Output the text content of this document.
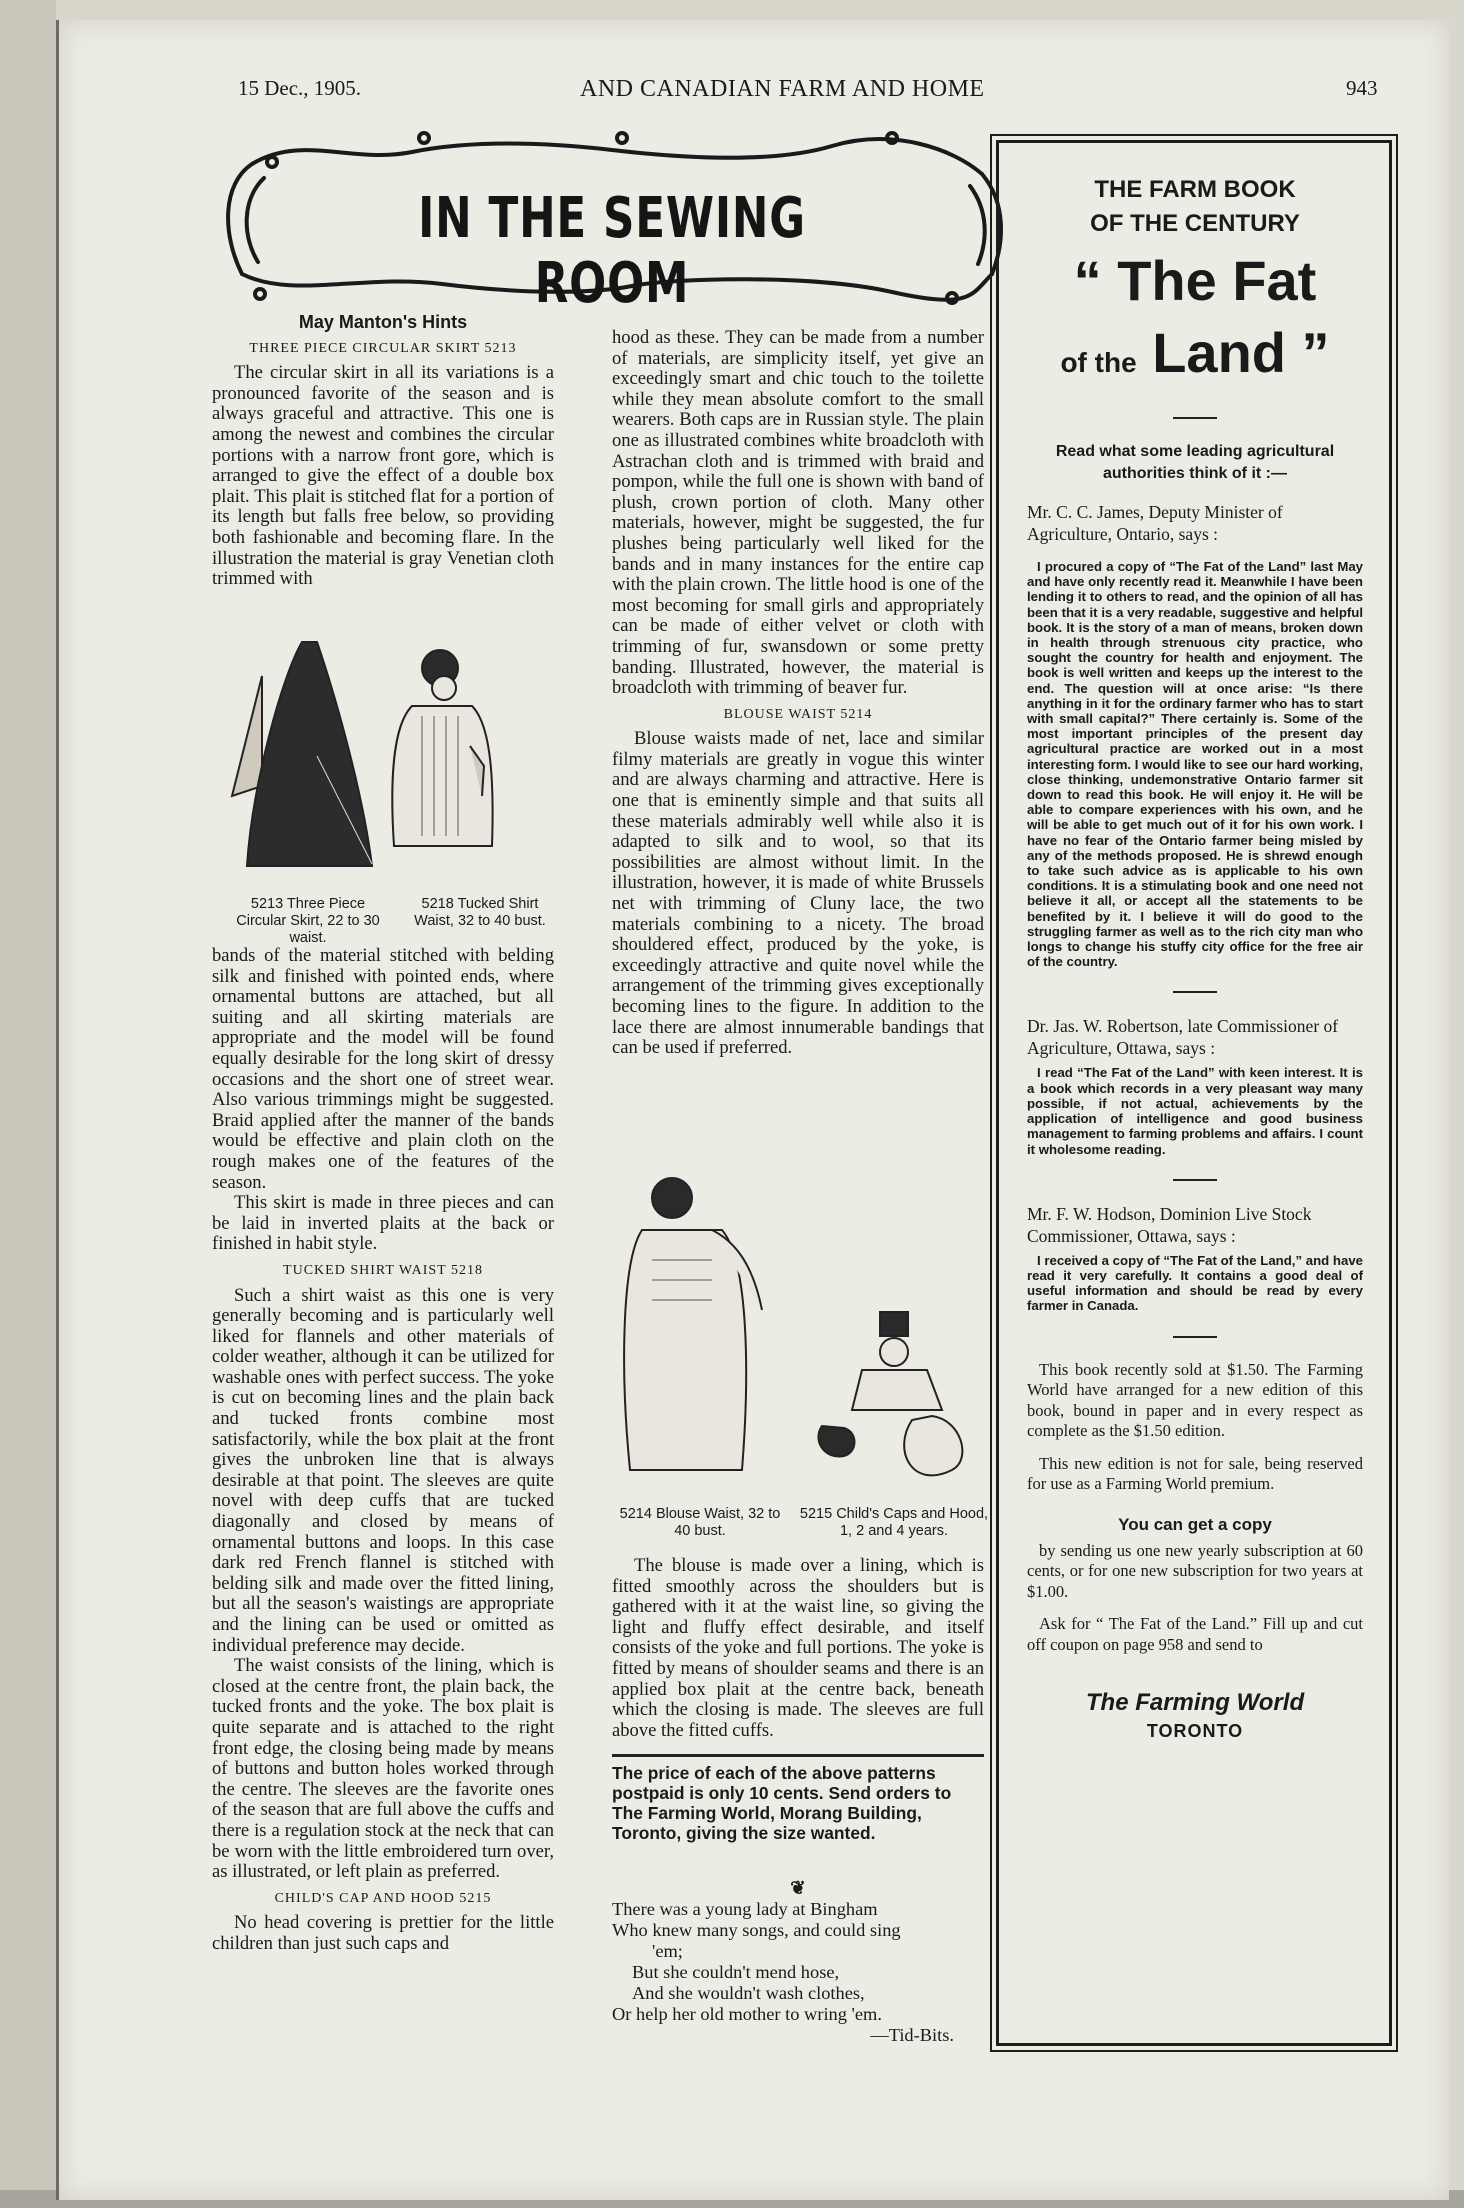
15 Dec., 1905.	AND CANADIAN FARM AND HOME	943
IN THE SEWING ROOM
May Manton's Hints
THREE PIECE CIRCULAR SKIRT 5213

The circular skirt in all its variations is a pronounced favorite of the season and is always graceful and attractive. This one is among the newest and combines the circular portions with a narrow front gore, which is arranged to give the effect of a double box plait. This plait is stitched flat for a portion of its length but falls free below, so providing both fashionable and becoming flare. In the illustration the material is gray Venetian cloth trimmed with

5213 Three Piece Circular Skirt, 22 to 30 waist.
5218 Tucked Shirt Waist, 32 to 40 bust.

bands of the material stitched with belding silk and finished with pointed ends, where ornamental buttons are attached, but all suiting and all skirting materials are appropriate and the model will be found equally desirable for the long skirt of dressy occasions and the short one of street wear. Also various trimmings might be suggested. Braid applied after the manner of the bands would be effective and plain cloth on the rough makes one of the features of the season.

This skirt is made in three pieces and can be laid in inverted plaits at the back or finished in habit style.

TUCKED SHIRT WAIST 5218

Such a shirt waist as this one is very generally becoming and is particularly well liked for flannels and other materials of colder weather, although it can be utilized for washable ones with perfect success. The yoke is cut on becoming lines and the plain back and tucked fronts combine most satisfactorily, while the box plait at the front gives the unbroken line that is always desirable at that point. The sleeves are quite novel with deep cuffs that are tucked diagonally and closed by means of ornamental buttons and loops. In this case dark red French flannel is stitched with belding silk and made over the fitted lining, but all the season's waistings are appropriate and the lining can be used or omitted as individual preference may decide.

The waist consists of the lining, which is closed at the centre front, the plain back, the tucked fronts and the yoke. The box plait is quite separate and is attached to the right front edge, the closing being made by means of buttons and button holes worked through the centre. The sleeves are the favorite ones of the season that are full above the cuffs and there is a regulation stock at the neck that can be worn with the little embroidered turn over, as illustrated, or left plain as preferred.

CHILD'S CAP AND HOOD 5215

No head covering is prettier for the little children than just such caps and

hood as these. They can be made from a number of materials, are simplicity itself, yet give an exceedingly smart and chic touch to the toilette while they mean absolute comfort to the small wearers. Both caps are in Russian style. The plain one as illustrated combines white broadcloth with Astrachan cloth and is trimmed with braid and pompon, while the full one is shown with band of plush, crown portion of cloth. Many other materials, however, might be suggested, the fur plushes being particularly well liked for the bands and in many instances for the entire cap with the plain crown. The little hood is one of the most becoming for small girls and appropriately can be made of either velvet or cloth with trimming of fur, swansdown or some pretty banding. Illustrated, however, the material is broadcloth with trimming of beaver fur.

BLOUSE WAIST 5214

Blouse waists made of net, lace and similar filmy materials are greatly in vogue this winter and are always charming and attractive. Here is one that is eminently simple and that suits all these materials admirably well while also it is adapted to silk and to wool, so that its possibilities are almost without limit. In the illustration, however, it is made of white Brussels net with trimming of Cluny lace, the two materials combining to a nicety. The broad shouldered effect, produced by the yoke, is exceedingly attractive and quite novel while the arrangement of the trimming gives exceptionally becoming lines to the figure. In addition to the lace there are almost innumerable bandings that can be used if preferred.

5214 Blouse Waist, 32 to 40 bust.
5215 Child's Caps and Hood, 1, 2 and 4 years.

The blouse is made over a lining, which is fitted smoothly across the shoulders but is gathered with it at the waist line, so giving the light and fluffy effect desirable, and itself consists of the yoke and full portions. The yoke is fitted by means of shoulder seams and there is an applied box plait at the centre back, beneath which the closing is made. The sleeves are full above the fitted cuffs.

The price of each of the above patterns postpaid is only 10 cents. Send orders to The Farming World, Morang Building, Toronto, giving the size wanted.
❦
There was a young lady at Bingham
Who knew many songs, and could sing
'em;
But she couldn't mend hose,
And she wouldn't wash clothes,
Or help her old mother to wring 'em.
—Tid-Bits.
THE FARM BOOK
OF THE CENTURY
“ The Fat
of the Land ”
Read what some leading agricultural authorities think of it :—
Mr. C. C. James, Deputy Minister of Agriculture, Ontario, says :
I procured a copy of “The Fat of the Land” last May and have only recently read it. Meanwhile I have been lending it to others to read, and the opinion of all has been that it is a very readable, suggestive and helpful book. It is the story of a man of means, broken down in health through strenuous city practice, who sought the country for health and enjoyment. The book is well written and keeps up the interest to the end. The question will at once arise: “Is there anything in it for the ordinary farmer who has to start with small capital?” There certainly is. Some of the most important principles of the present day agricultural practice are worked out in a most interesting form. I would like to see our hard working, close thinking, undemonstrative Ontario farmer sit down to read this book. He will enjoy it. He will be able to compare experiences with his own, and he will be able to get much out of it for his own work. I have no fear of the Ontario farmer being misled by any of the methods proposed. He is shrewd enough to take such advice as is applicable to his own conditions. It is a stimulating book and one need not believe it all, or accept all the statements to be benefited by it. I believe it will do good to the struggling farmer as well as to the rich city man who longs to change his stuffy city office for the free air of the country.
Dr. Jas. W. Robertson, late Commissioner of Agriculture, Ottawa, says :
I read “The Fat of the Land” with keen interest. It is a book which records in a very pleasant way many possible, if not actual, achievements by the application of intelligence and good business management to farming problems and affairs. I count it wholesome reading.
Mr. F. W. Hodson, Dominion Live Stock Commissioner, Ottawa, says :
I received a copy of “The Fat of the Land,” and have read it very carefully. It contains a good deal of useful information and should be read by every farmer in Canada.
This book recently sold at $1.50. The Farming World have arranged for a new edition of this book, bound in paper and in every respect as complete as the $1.50 edition.
This new edition is not for sale, being reserved for use as a Farming World premium.
You can get a copy
by sending us one new yearly subscription at 60 cents, or for one new subscription for two years at $1.00.
Ask for “ The Fat of the Land.” Fill up and cut off coupon on page 958 and send to
The Farming World
TORONTO
